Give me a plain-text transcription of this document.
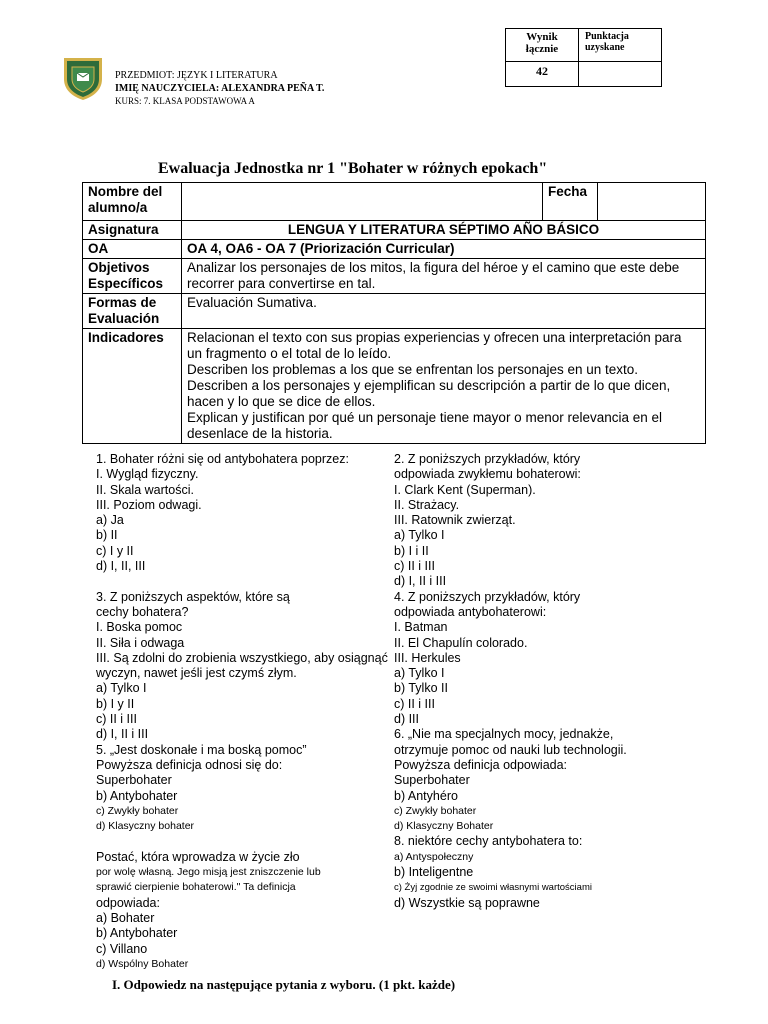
PRZEDMIOT: JĘZYK I LITERATURA
IMIĘ NAUCZYCIELA: ALEXANDRA PEÑA T.
KURS: 7. KLASA PODSTAWOWA A
Wynik łącznie	Punktacja uzyskane
42	
Ewaluacja Jednostka nr 1 "Bohater w różnych epokach"
Nombre del alumno/a		Fecha	
Asignatura	LENGUA Y LITERATURA SÉPTIMO AÑO BÁSICO		
OA	OA 4, OA6 - OA 7 (Priorización Curricular)		
Objetivos Específicos	Analizar los personajes de los mitos, la figura del héroe y el camino que este debe recorrer para convertirse en tal.		
Formas de Evaluación	Evaluación Sumativa.		
Indicadores	Relacionan el texto con sus propias experiencias y ofrecen una interpretación para un fragmento o el total de lo leído.
Describen los problemas a los que se enfrentan los personajes en un texto.
Describen a los personajes y ejemplifican su descripción a partir de lo que dicen, hacen y lo que se dice de ellos.
Explican y justifican por qué un personaje tiene mayor o menor relevancia en el desenlace de la historia.		

1. Bohater różni się od antybohatera poprzez:

I. Wygląd fizyczny.

II. Skala wartości.

III. Poziom odwagi.

a) Ja

b) II

c) I y II

d) I, II, III

3. Z poniższych aspektów, które są

cechy bohatera?

I. Boska pomoc

II. Siła i odwaga

III. Są zdolni do zrobienia wszystkiego, aby osiągnąć

wyczyn, nawet jeśli jest czymś złym.

a) Tylko I

b) I y II

c) II i III

d) I, II i III

5. „Jest doskonałe i ma boską pomoc”

Powyższa definicja odnosi się do:

Superbohater

b) Antybohater

c) Zwykły bohater

d) Klasyczny bohater

Postać, która wprowadza w życie zło

por wolę własną. Jego misją jest zniszczenie lub

sprawić cierpienie bohaterowi." Ta definicja

odpowiada:

a) Bohater

b) Antybohater

c) Villano

d) Wspólny Bohater

2. Z poniższych przykładów, który

odpowiada zwykłemu bohaterowi:

I. Clark Kent (Superman).

II. Strażacy.

III. Ratownik zwierząt.

a) Tylko I

b) I i II

c) II i III

d) I, II i III

4. Z poniższych przykładów, który

odpowiada antybohaterowi:

I. Batman

II. El Chapulín colorado.

III. Herkules

a) Tylko I

b) Tylko II

c) II i III

d) III

6. „Nie ma specjalnych mocy, jednakże,

otrzymuje pomoc od nauki lub technologii.

Powyższa definicja odpowiada:

Superbohater

b) Antyhéro

c) Zwykły bohater

d) Klasyczny Bohater

8. niektóre cechy antybohatera to:

a) Antyspołeczny

b) Inteligentne

c) Żyj zgodnie ze swoimi własnymi wartościami

d) Wszystkie są poprawne

I. Odpowiedz na następujące pytania z wyboru. (1 pkt. każde)
